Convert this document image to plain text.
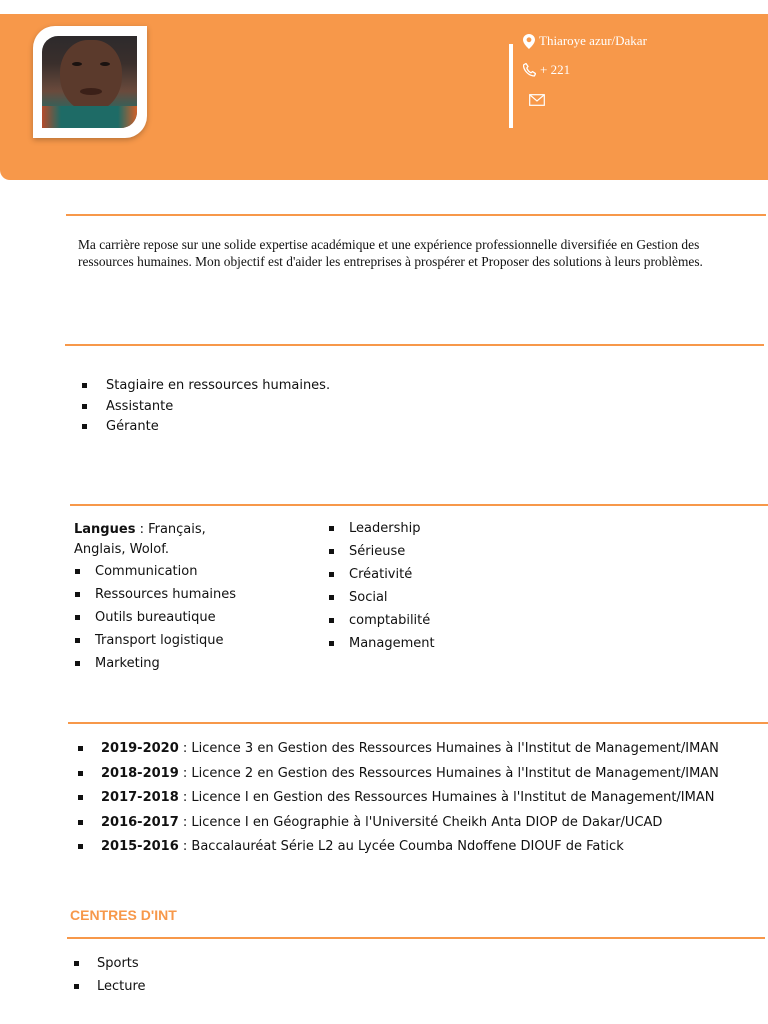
Thiaroye azur/Dakar
+ 221

Ma carrière repose sur une solide expertise académique et une expérience professionnelle diversifiée en Gestion des ressources humaines. Mon objectif est d'aider les entreprises à prospérer et Proposer des solutions à leurs problèmes.

Stagiaire en ressources humaines.
Assistante
Gérante
Langues : Français, Anglais, Wolof.
Communication
Ressources humaines
Outils bureautique
Transport logistique
Marketing
Leadership
Sérieuse
Créativité
Social
comptabilité
Management
2019-2020 : Licence 3 en Gestion des Ressources Humaines à l'Institut de Management/IMAN
2018-2019 : Licence 2 en Gestion des Ressources Humaines à l'Institut de Management/IMAN
2017-2018 : Licence I en Gestion des Ressources Humaines à l'Institut de Management/IMAN
2016-2017 : Licence I en Géographie à l'Université Cheikh Anta DIOP de Dakar/UCAD
2015-2016 : Baccalauréat Série L2 au Lycée Coumba Ndoffene DIOUF de Fatick
CENTRES D'INT
Sports
Lecture
